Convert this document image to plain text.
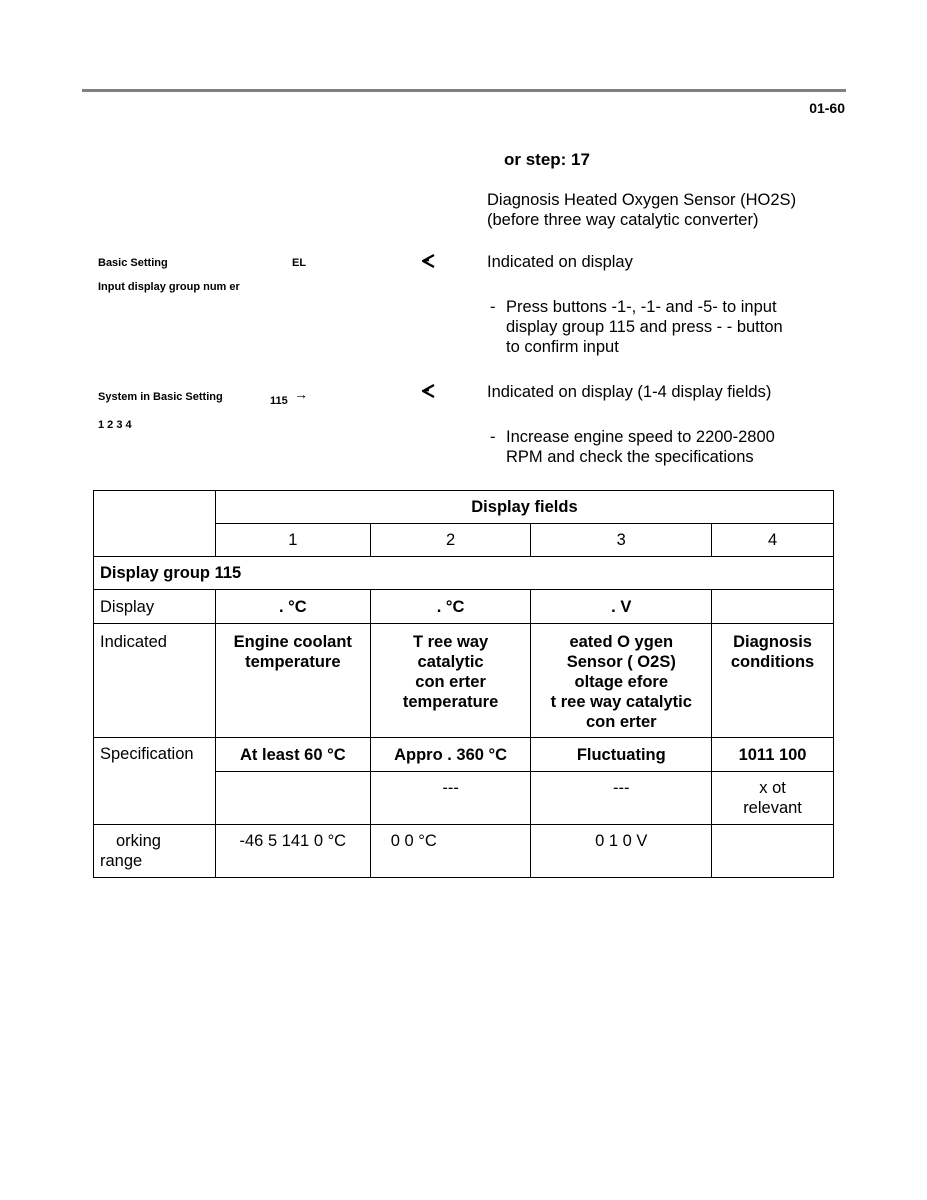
01-60
or step: 17
Diagnosis Heated Oxygen Sensor (HO2S)
(before three way catalytic converter)
Basic Setting	EL
Input display group num er
Indicated on display
- Press buttons -1-, -1- and -5- to input
display group 115 and press - - button
to confirm input
System in Basic Setting	115 →
1 2 3 4
Indicated on display (1-4 display fields)
- Increase engine speed to 2200-2800
RPM and check the specifications
	Display fields			
	1	2	3	4
Display group 115				
Display	. °C	. °C	. V	
Indicated	Engine coolant
temperature	T ree way
catalytic
con erter
temperature	eated O ygen
Sensor ( O2S)
oltage efore
t ree way catalytic
con erter	Diagnosis
conditions

Specification	At least 60 °C	Appro . 360 °C	Fluctuating	1011 100
		---	---	x ot
relevant

orking
range	-46 5 141 0 °C	0 0 °C	0 1 0 V	
